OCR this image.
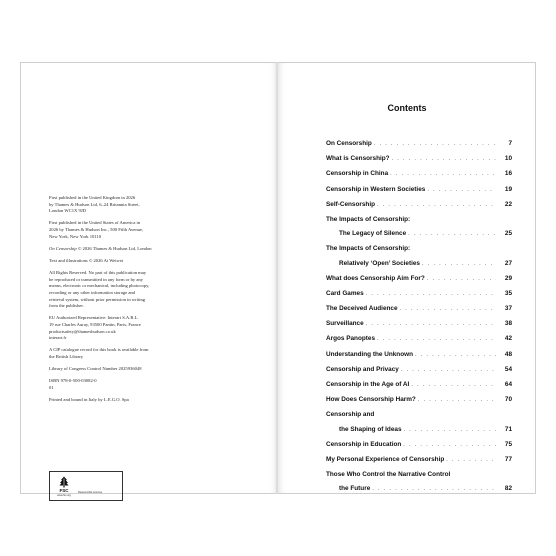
First published in the United Kingdom in 2026
by Thames & Hudson Ltd, 6–24 Britannia Street,
London WC1X 9JD

First published in the United States of America in
2026 by Thames & Hudson Inc., 500 Fifth Avenue,
New York, New York 10110

On Censorship © 2026 Thames & Hudson Ltd, London

Text and illustrations © 2026 Ai Weiwei

All Rights Reserved. No part of this publication may
be reproduced or transmitted in any form or by any
means, electronic or mechanical, including photocopy,
recording or any other information storage and
retrieval system, without prior permission in writing
from the publisher.

EU Authorized Representative: Interart S.A.R.L.
19 rue Charles Auray, 93500 Pantin, Paris, France
productsafety@thameshudson.co.uk
interart.fr

A CIP catalogue record for this book is available from
the British Library

Library of Congress Control Number 2025936048

ISBN 978-0-500-03082-0
01

Printed and bound in Italy by L.E.G.O. Spa

FSC
www.fsc.org
Responsible sources
Contents
On Censorship . . .	7
What is Censorship? . . .	10
Censorship in China . . .	16
Censorship in Western Societies . . .	19
Self-Censorship . . .	22
The Impacts of Censorship:
The Legacy of Silence . . .	25
The Impacts of Censorship:
Relatively ‘Open’ Societies . . .	27
What does Censorship Aim For? . . .	29
Card Games . . .	35
The Deceived Audience . . .	37
Surveillance . . .	38
Argos Panoptes . . .	42
Understanding the Unknown . . .	48
Censorship and Privacy . . .	54
Censorship in the Age of AI . . .	64
How Does Censorship Harm? . . .	70
Censorship and
the Shaping of Ideas . . .	71
Censorship in Education . . .	75
My Personal Experience of Censorship . . .	77
Those Who Control the Narrative Control
the Future . . .	82
